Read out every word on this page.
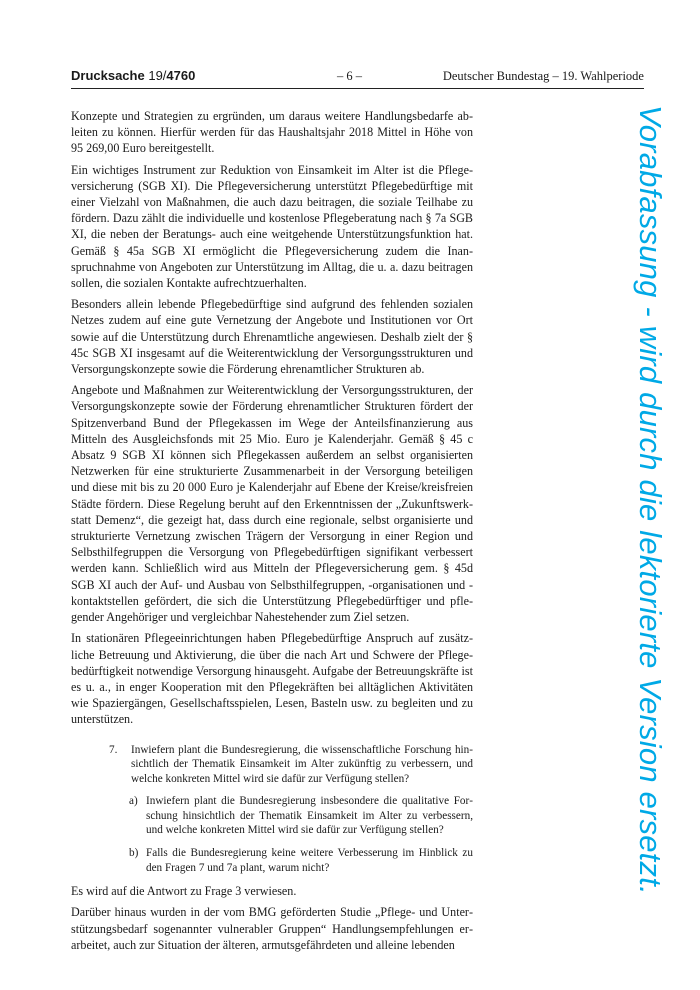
Drucksache 19/4760	– 6 –	Deutscher Bundestag – 19. Wahlperiode

Konzepte und Strategien zu ergründen, um daraus weitere Handlungsbedarfe ableiten zu können. Hierfür werden für das Haushaltsjahr 2018 Mittel in Höhe von 95 269,00 Euro bereitgestellt.

Ein wichtiges Instrument zur Reduktion von Einsamkeit im Alter ist die Pflegeversicherung (SGB XI). Die Pflegeversicherung unterstützt Pflegebedürftige mit einer Vielzahl von Maßnahmen, die auch dazu beitragen, die soziale Teilhabe zu fördern. Dazu zählt die individuelle und kostenlose Pflegeberatung nach § 7a SGB XI, die neben der Beratungs- auch eine weitgehende Unterstützungsfunktion hat. Gemäß § 45a SGB XI ermöglicht die Pflegeversicherung zudem die Inanspruchnahme von Angeboten zur Unterstützung im Alltag, die u. a. dazu beitragen sollen, die sozialen Kontakte aufrechtzuerhalten.

Besonders allein lebende Pflegebedürftige sind aufgrund des fehlenden sozialen Netzes zudem auf eine gute Vernetzung der Angebote und Institutionen vor Ort sowie auf die Unterstützung durch Ehrenamtliche angewiesen. Deshalb zielt der § 45c SGB XI insgesamt auf die Weiterentwicklung der Versorgungsstrukturen und Versorgungskonzepte sowie die Förderung ehrenamtlicher Strukturen ab.

Angebote und Maßnahmen zur Weiterentwicklung der Versorgungsstrukturen, der Versorgungskonzepte sowie der Förderung ehrenamtlicher Strukturen fördert der Spitzenverband Bund der Pflegekassen im Wege der Anteilsfinanzierung aus Mitteln des Ausgleichsfonds mit 25 Mio. Euro je Kalenderjahr. Gemäß § 45 c Absatz 9 SGB XI können sich Pflegekassen außerdem an selbst organisierten Netzwerken für eine strukturierte Zusammenarbeit in der Versorgung beteiligen und diese mit bis zu 20 000 Euro je Kalenderjahr auf Ebene der Kreise/kreisfreien Städte fördern. Diese Regelung beruht auf den Erkenntnissen der „Zukunftswerkstatt Demenz“, die gezeigt hat, dass durch eine regionale, selbst organisierte und strukturierte Vernetzung zwischen Trägern der Versorgung in einer Region und Selbsthilfegruppen die Versorgung von Pflegebedürftigen signifikant verbessert werden kann. Schließlich wird aus Mitteln der Pflegeversicherung gem. § 45d SGB XI auch der Auf- und Ausbau von Selbsthilfegruppen, -organisationen und -kontaktstellen gefördert, die sich die Unterstützung Pflegebedürftiger und pflegender Angehöriger und vergleichbar Nahestehender zum Ziel setzen.

In stationären Pflegeeinrichtungen haben Pflegebedürftige Anspruch auf zusätzliche Betreuung und Aktivierung, die über die nach Art und Schwere der Pflegebedürftigkeit notwendige Versorgung hinausgeht. Aufgabe der Betreuungskräfte ist es u. a., in enger Kooperation mit den Pflegekräften bei alltäglichen Aktivitäten wie Spaziergängen, Gesellschaftsspielen, Lesen, Basteln usw. zu begleiten und zu unterstützen.

7.	Inwiefern plant die Bundesregierung, die wissenschaftliche Forschung hinsichtlich der Thematik Einsamkeit im Alter zukünftig zu verbessern, und welche konkreten Mittel wird sie dafür zur Verfügung stellen?
a) Inwiefern plant die Bundesregierung insbesondere die qualitative Forschung hinsichtlich der Thematik Einsamkeit im Alter zu verbessern, und welche konkreten Mittel wird sie dafür zur Verfügung stellen?
b) Falls die Bundesregierung keine weitere Verbesserung im Hinblick zu den Fragen 7 und 7a plant, warum nicht?

Es wird auf die Antwort zu Frage 3 verwiesen.

Darüber hinaus wurden in der vom BMG geförderten Studie „Pflege- und Unterstützungsbedarf sogenannter vulnerabler Gruppen“ Handlungsempfehlungen erarbeitet, auch zur Situation der älteren, armutsgefährdeten und alleine lebenden

Vorabfassung - wird durch die lektorierte Version ersetzt.
